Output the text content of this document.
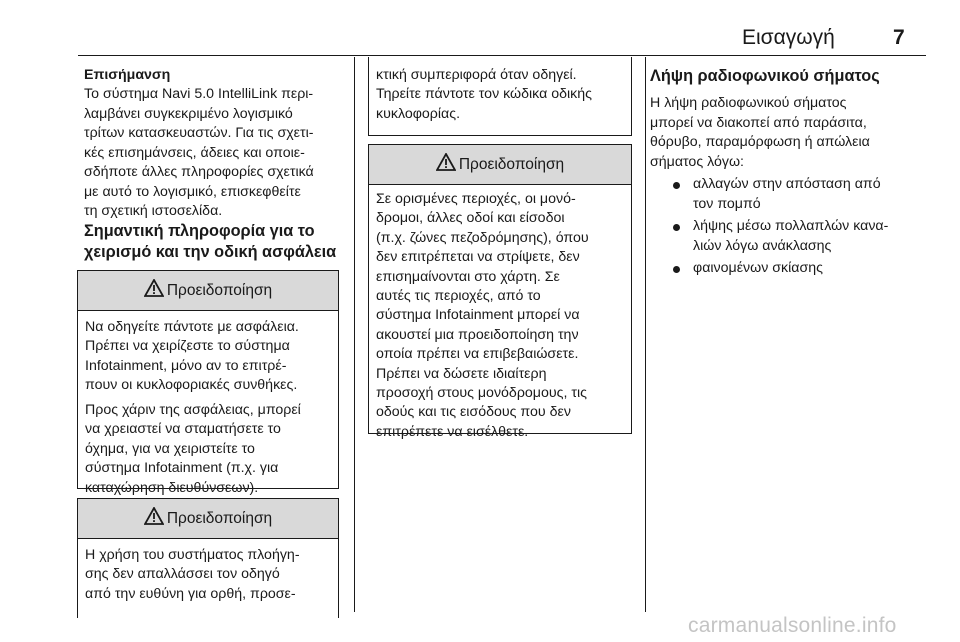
Εισαγωγή	7
Επισήμανση
Το σύστημα Navi 5.0 IntelliLink περι-
λαμβάνει συγκεκριμένο λογισμικό
τρίτων κατασκευαστών. Για τις σχετι-
κές επισημάνσεις, άδειες και οποιε-
σδήποτε άλλες πληροφορίες σχετικά
με αυτό το λογισμικό, επισκεφθείτε
τη σχετική ιστοσελίδα.
Σημαντική πληροφορία για το
χειρισμό και την οδική ασφάλεια
Προειδοποίηση
Να οδηγείτε πάντοτε με ασφάλεια.
Πρέπει να χειρίζεστε το σύστημα
Infotainment, μόνο αν το επιτρέ-
πουν οι κυκλοφοριακές συνθήκες.
Προς χάριν της ασφάλειας, μπορεί
να χρειαστεί να σταματήσετε το
όχημα, για να χειριστείτε το
σύστημα Infotainment (π.χ. για
καταχώρηση διευθύνσεων).
Προειδοποίηση
Η χρήση του συστήματος πλοήγη-
σης δεν απαλλάσσει τον οδηγό
από την ευθύνη για ορθή, προσε-
κτική συμπεριφορά όταν οδηγεί.
Τηρείτε πάντοτε τον κώδικα οδικής
κυκλοφορίας.
Προειδοποίηση
Σε ορισμένες περιοχές, οι μονό-
δρομοι, άλλες οδοί και είσοδοι
(π.χ. ζώνες πεζοδρόμησης), όπου
δεν επιτρέπεται να στρίψετε, δεν
επισημαίνονται στο χάρτη. Σε
αυτές τις περιοχές, από το
σύστημα Infotainment μπορεί να
ακουστεί μια προειδοποίηση την
οποία πρέπει να επιβεβαιώσετε.
Πρέπει να δώσετε ιδιαίτερη
προσοχή στους μονόδρομους, τις
οδούς και τις εισόδους που δεν
επιτρέπετε να εισέλθετε.
Λήψη ραδιοφωνικού σήματος
Η λήψη ραδιοφωνικού σήματος
μπορεί να διακοπεί από παράσιτα,
θόρυβο, παραμόρφωση ή απώλεια
σήματος λόγω:
αλλαγών στην απόσταση από
τον πομπό
λήψης μέσω πολλαπλών κανα-
λιών λόγω ανάκλασης
φαινομένων σκίασης
carmanualsonline.info
